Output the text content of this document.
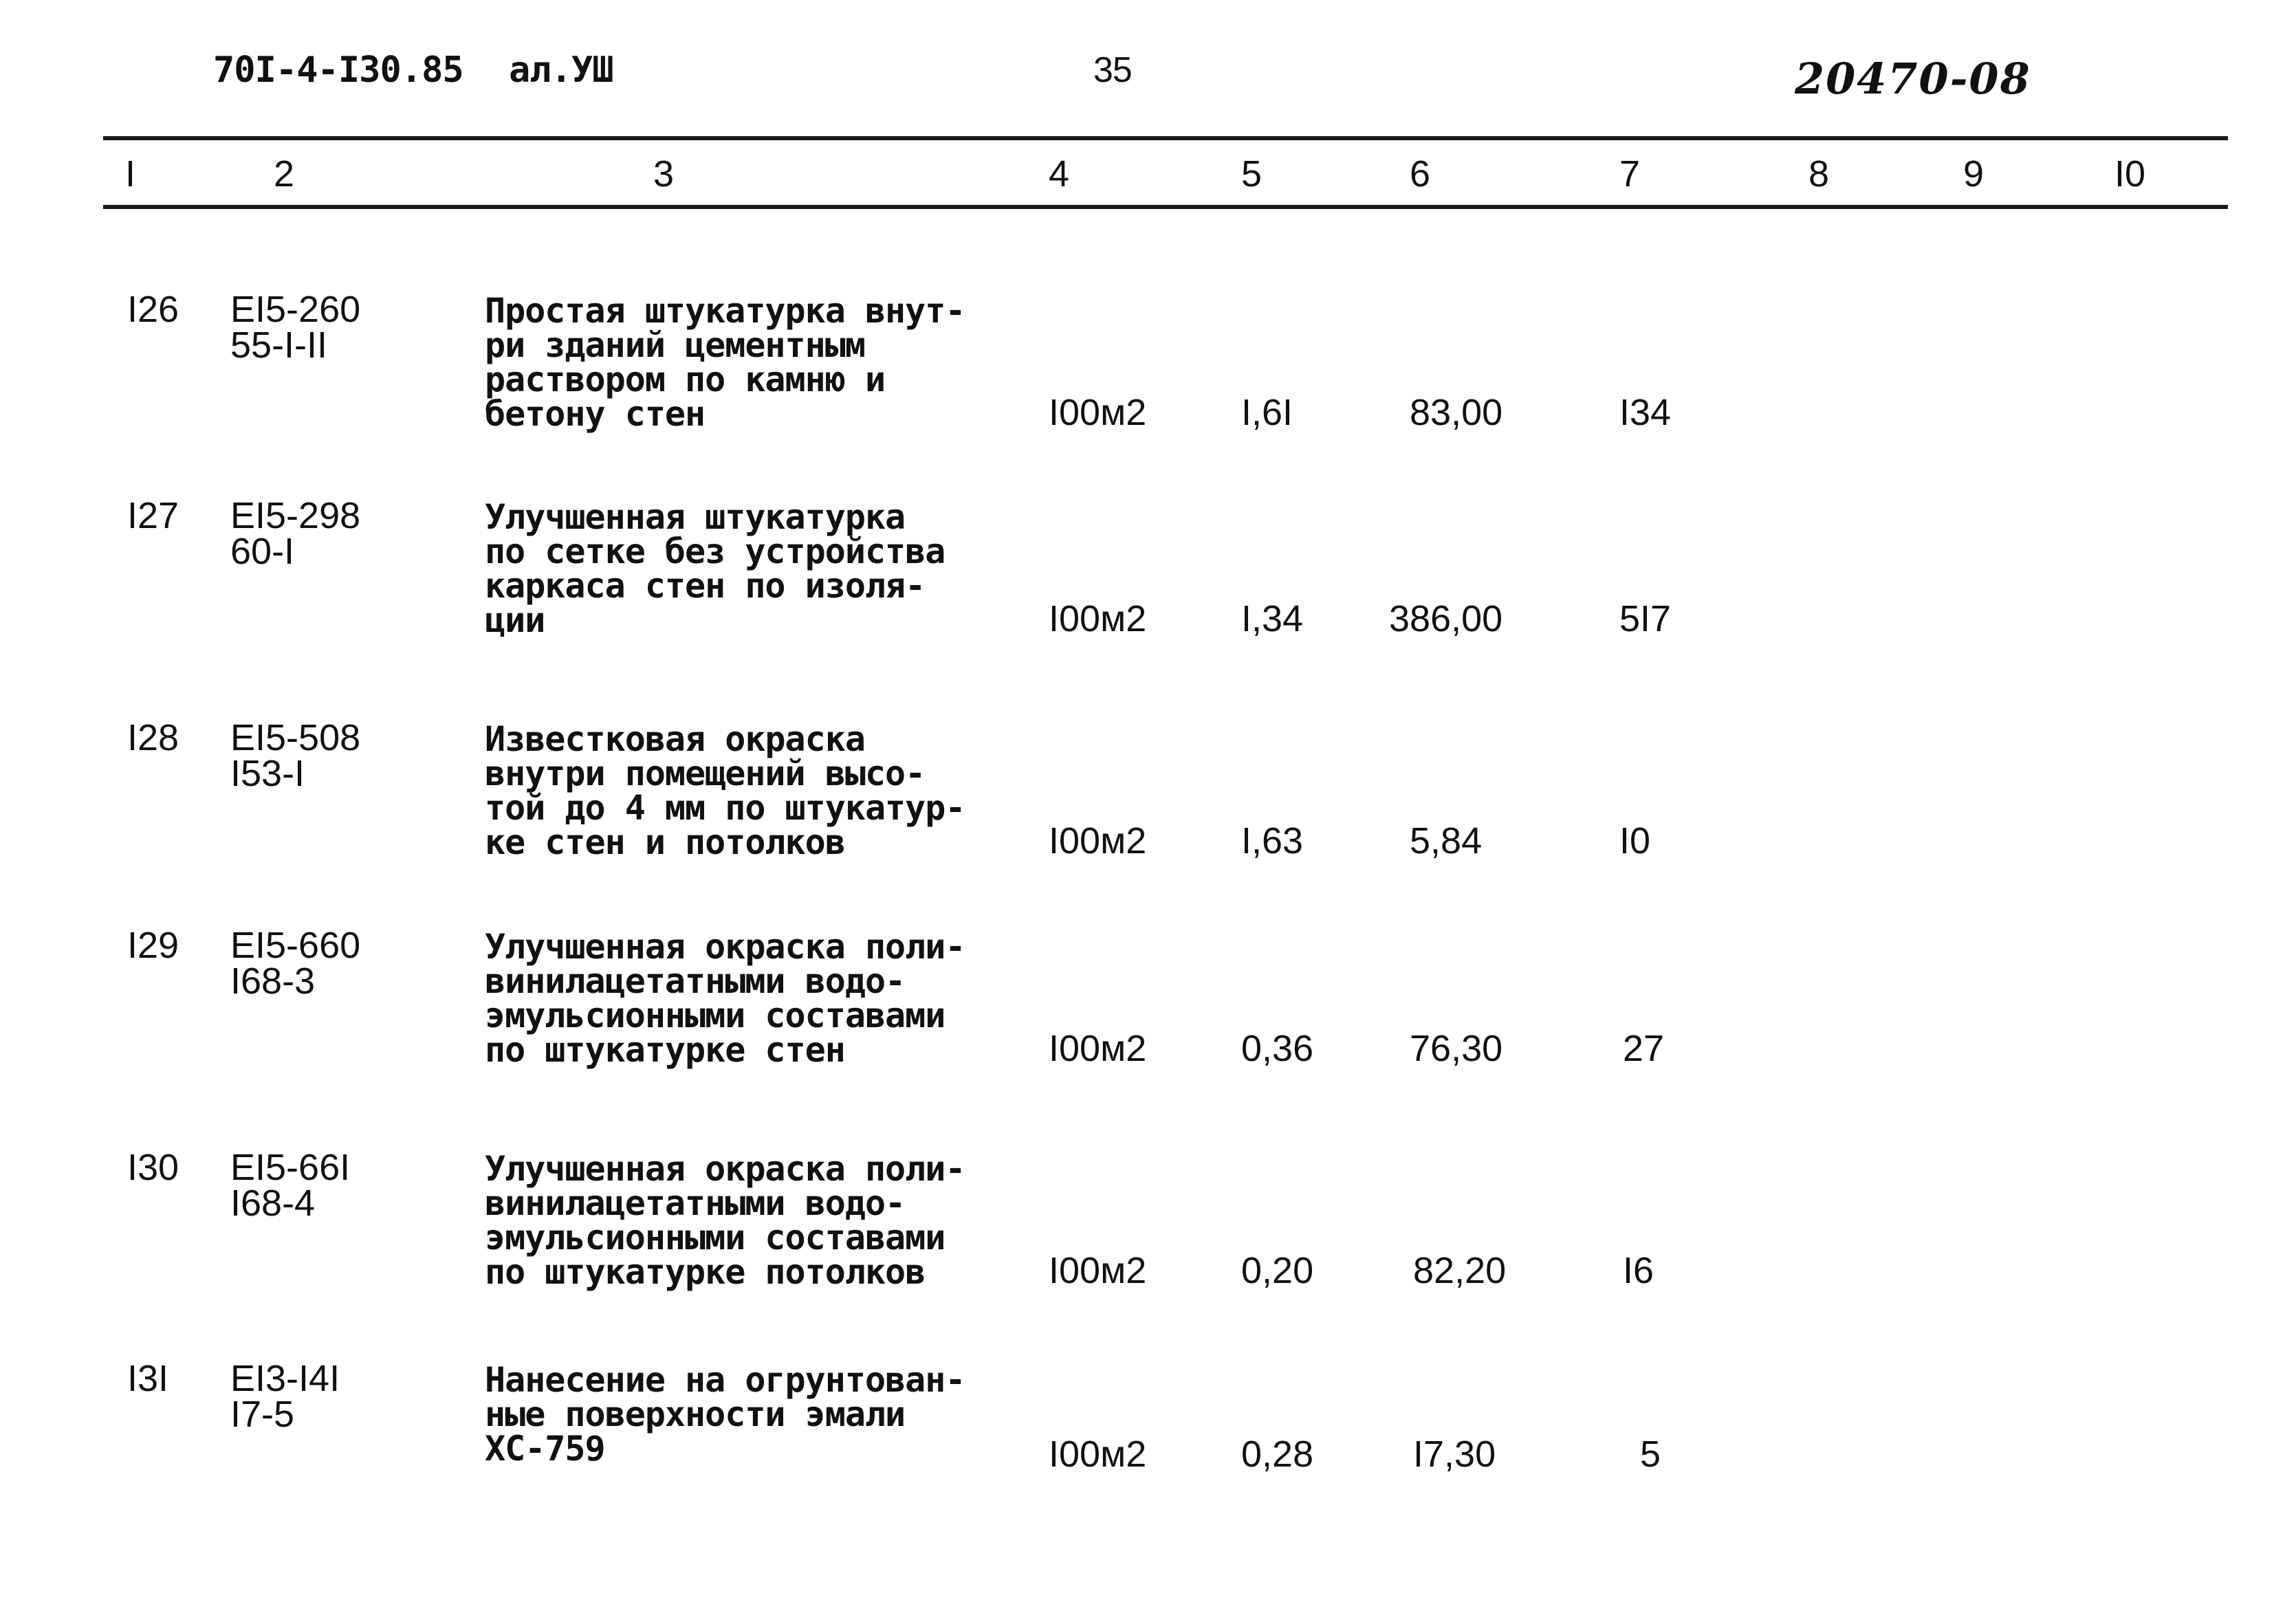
70I-4-I30.85 ал.УШ	35	20470-08
I	2	3	4	5	6	7	8	9	I0
I26 EI5-260
55-I-II
Простая штукатурка внут-
ри зданий цементным
раствором по камню и
бетону стен	I00м2	I,6I	83,00	I34
I27 EI5-298
60-I
Улучшенная штукатурка
по сетке без устройства
каркаса стен по изоля-
ции	I00м2	I,34 386,00	5I7
I28 EI5-508
I53-I
Известковая окраска
внутри помещений высо-
той до 4 мм по штукатур-
ке стен и потолков	I00м2	I,63	5,84	I0
I29 EI5-660
I68-3
Улучшенная окраска поли-
винилацетатными водо-
эмульсионными составами
по штукатурке стен	I00м2	0,36	76,30	27
I30 EI5-66I
I68-4
Улучшенная окраска поли-
винилацетатными водо-
эмульсионными составами
по штукатурке потолков	I00м2	0,20	82,20	I6
I3I EI3-I4I
I7-5
Нанесение на огрунтован-
ные поверхности эмали
ХС-759	I00м2	0,28	I7,30	5
